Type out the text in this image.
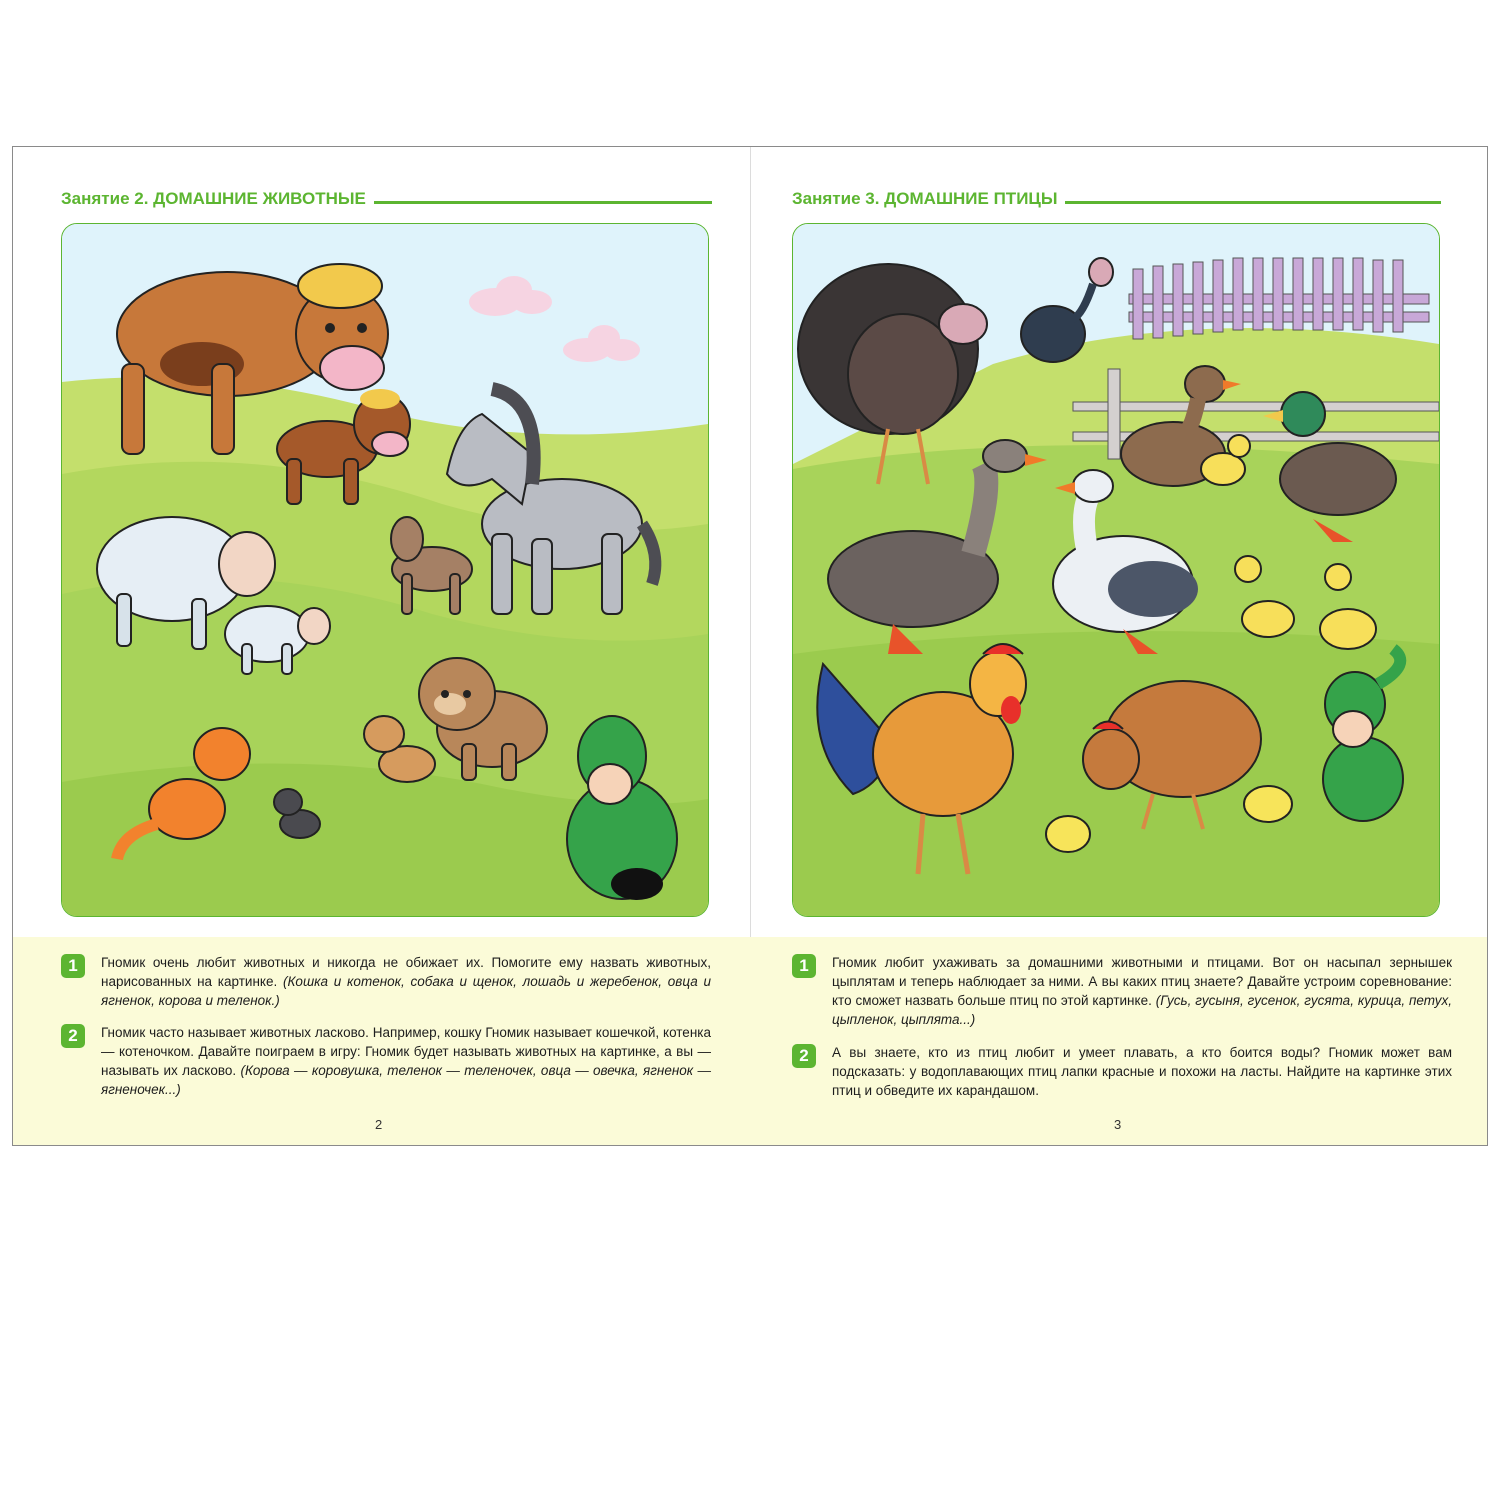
Занятие 2. ДОМАШНИЕ ЖИВОТНЫЕ
1	Гномик очень любит животных и никогда не обижает их. Помогите ему назвать животных, нарисованных на картинке. (Кошка и котенок, собака и щенок, лошадь и жеребенок, овца и ягненок, корова и теленок.)
2	Гномик часто называет животных ласково. Например, кошку Гномик называет кошечкой, котенка — котеночком. Давайте поиграем в игру: Гномик будет называть животных на картинке, а вы — называть их ласково. (Корова — коровушка, теленок — теленочек, овца — овечка, ягненок — ягненочек...)
2
Занятие 3. ДОМАШНИЕ ПТИЦЫ
1	Гномик любит ухаживать за домашними животными и птицами. Вот он насыпал зернышек цыплятам и теперь наблюдает за ними. А вы каких птиц знаете? Давайте устроим соревнование: кто сможет назвать больше птиц по этой картинке. (Гусь, гусыня, гусенок, гусята, курица, петух, цыпленок, цыплята...)
2	А вы знаете, кто из птиц любит и умеет плавать, а кто боится воды? Гномик может вам подсказать: у водоплавающих птиц лапки красные и похожи на ласты. Найдите на картинке этих птиц и обведите их карандашом.
3
